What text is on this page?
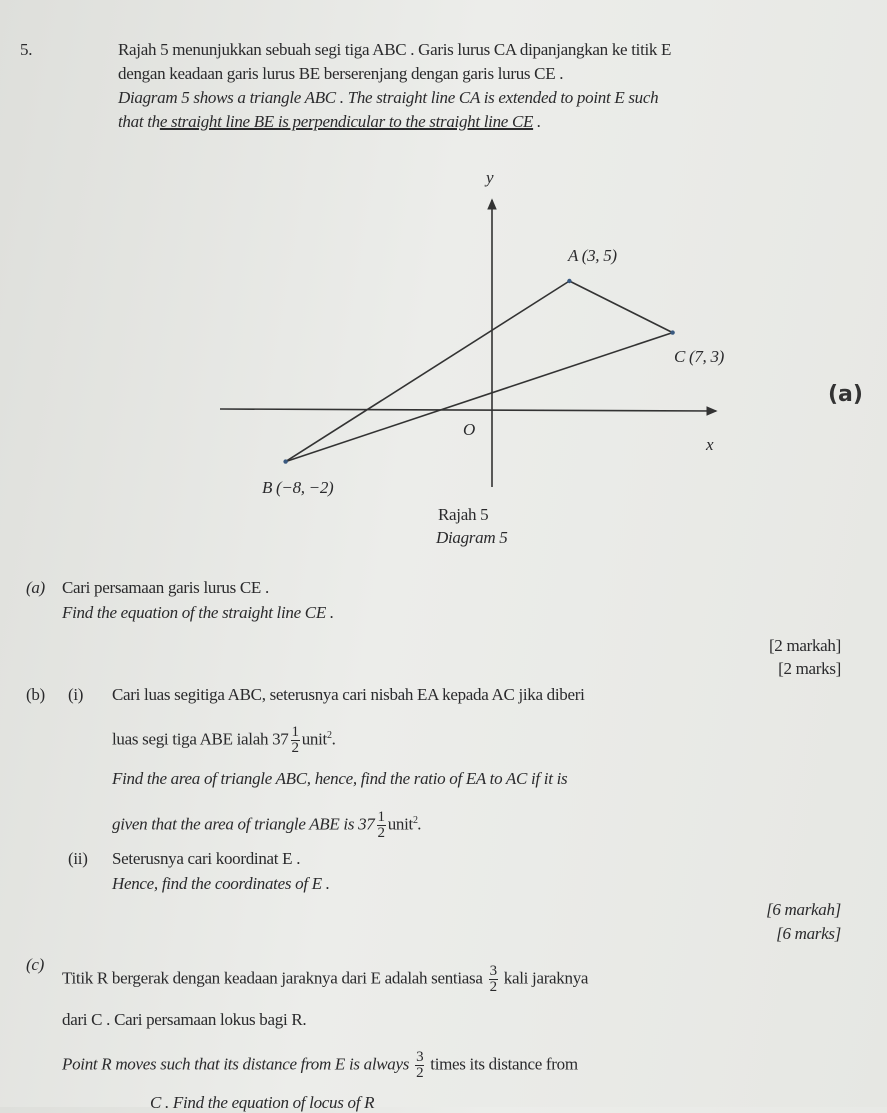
5.	Rajah 5 menunjukkan sebuah segi tiga ABC . Garis lurus CA dipanjangkan ke titik E
dengan keadaan garis lurus BE berserenjang dengan garis lurus CE .
Diagram 5 shows a triangle ABC . The straight line CA is extended to point E such
that the straight line BE is perpendicular to the straight line CE .
y
x
O
A (3, 5)
C (7, 3)
B (−8, −2)
Rajah 5
Diagram 5
(a)
(a) Cari persamaan garis lurus CE .
Find the equation of the straight line CE .
[2 markah]
[2 marks]
(b) (i) Cari luas segitiga ABC, seterusnya cari nisbah EA kepada AC jika diberi
luas segi tiga ABE ialah $37 \frac{1}{2}$ unit$^2$.
Find the area of triangle ABC, hence, find the ratio of EA to AC if it is
given that the area of triangle ABE is $37 \frac{1}{2}$ unit$^2$.
(ii) Seterusnya cari koordinat E .
Hence, find the coordinates of E .
[6 markah]
[6 marks]
(c)
Titik R bergerak dengan keadaan jaraknya dari E adalah sentiasa $\frac{3}{2}$ kali jaraknya
dari C . Cari persamaan lokus bagi R.
Point R moves such that its distance from E is always $\frac{3}{2}$ times its distance from
C . Find the equation of locus of R
